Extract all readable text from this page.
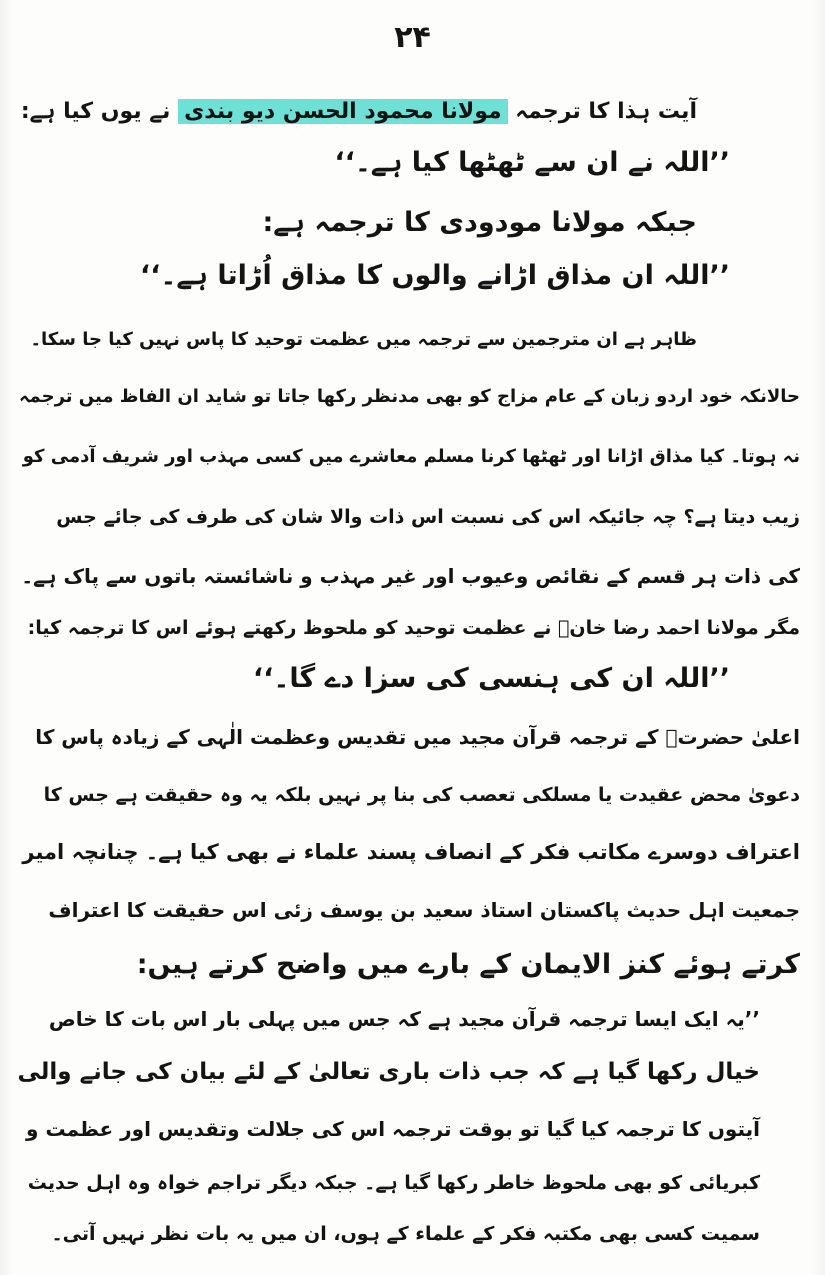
۲۴
آیت ہذا کا ترجمہ مولانا محمود الحسن دیو بندی نے یوں کیا ہے:
’’اللہ نے ان سے ٹھٹھا کیا ہے۔‘‘
جبکہ مولانا مودودی کا ترجمہ ہے:
’’اللہ ان مذاق اڑانے والوں کا مذاق اُڑاتا ہے۔‘‘
ظاہر ہے ان مترجمین سے ترجمہ میں عظمت توحید کا پاس نہیں کیا جا سکا۔
حالانکہ خود اردو زبان کے عام مزاج کو بھی مدنظر رکھا جاتا تو شاید ان الفاظ میں ترجمہ
نہ ہوتا۔ کیا مذاق اڑانا اور ٹھٹھا کرنا مسلم معاشرے میں کسی مہذب اور شریف آدمی کو
زیب دیتا ہے؟ چہ جائیکہ اس کی نسبت اس ذات والا شان کی طرف کی جائے جس
کی ذات ہر قسم کے نقائص وعیوب اور غیر مہذب و ناشائستہ باتوں سے پاک ہے۔
مگر مولانا احمد رضا خانؒ نے عظمت توحید کو ملحوظ رکھتے ہوئے اس کا ترجمہ کیا:
’’اللہ ان کی ہنسی کی سزا دے گا۔‘‘
اعلیٰ حضرتؒ کے ترجمہ قرآن مجید میں تقدیس وعظمت الٰہی کے زیادہ پاس کا
دعویٰ محض عقیدت یا مسلکی تعصب کی بنا پر نہیں بلکہ یہ وہ حقیقت ہے جس کا
اعتراف دوسرے مکاتب فکر کے انصاف پسند علماء نے بھی کیا ہے۔ چنانچہ امیر
جمعیت اہل حدیث پاکستان استاذ سعید بن یوسف زئی اس حقیقت کا اعتراف
کرتے ہوئے کنز الایمان کے بارے میں واضح کرتے ہیں:
’’یہ ایک ایسا ترجمہ قرآن مجید ہے کہ جس میں پہلی بار اس بات کا خاص
خیال رکھا گیا ہے کہ جب ذات باری تعالیٰ کے لئے بیان کی جانے والی
آیتوں کا ترجمہ کیا گیا تو بوقت ترجمہ اس کی جلالت وتقدیس اور عظمت و
کبریائی کو بھی ملحوظ خاطر رکھا گیا ہے۔ جبکہ دیگر تراجم خواہ وہ اہل حدیث
سمیت کسی بھی مکتبہ فکر کے علماء کے ہوں، ان میں یہ بات نظر نہیں آتی۔
